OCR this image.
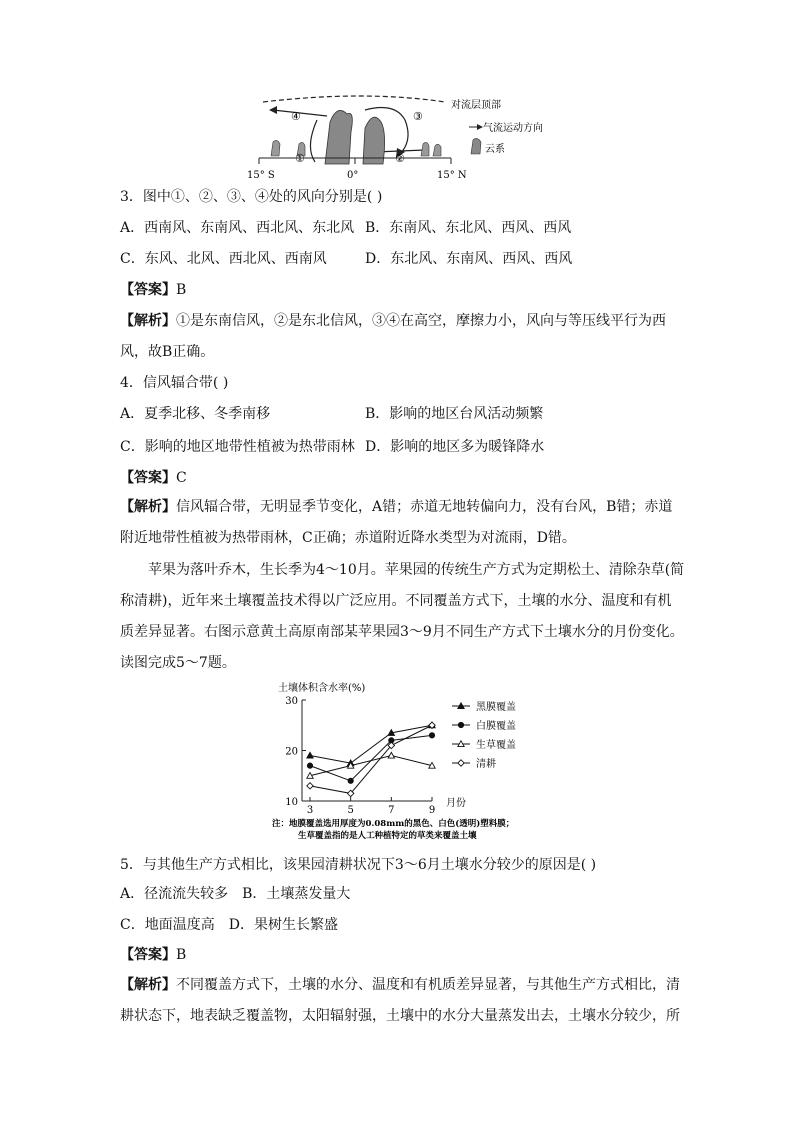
④	③
①	②
15° S	0°	15° N
对流层顶部
气流运动方向
云系
3．图中①、②、③、④处的风向分别是( )
A．西南风、东南风、西北风、东北风 B．东南风、东北风、西风、西风
C．东风、北风、西北风、西南风	D．东北风、东南风、西风、西风
【答案】B
【解析】①是东南信风，②是东北信风，③④在高空，摩擦力小，风向与等压线平行为西风，故B正确。
4．信风辐合带( )
A．夏季北移、冬季南移	B．影响的地区台风活动频繁
C．影响的地区地带性植被为热带雨林 D．影响的地区多为暖锋降水
【答案】C
【解析】信风辐合带，无明显季节变化，A错；赤道无地转偏向力，没有台风，B错；赤道附近地带性植被为热带雨林，C正确；赤道附近降水类型为对流雨，D错。
苹果为落叶乔木，生长季为4～10月。苹果园的传统生产方式为定期松土、清除杂草(简称清耕)，近年来土壤覆盖技术得以广泛应用。不同覆盖方式下，土壤的水分、温度和有机质差异显著。右图示意黄土高原南部某苹果园3～9月不同生产方式下土壤水分的月份变化。读图完成5～7题。
土壤体积含水率(%)
10
20
30
3	5	7	9
黑膜覆盖
白膜覆盖
生草覆盖
清耕
月份
注：地膜覆盖选用厚度为0.08mm的黑色、白色(透明)塑料膜；
生草覆盖指的是人工种植特定的草类来覆盖土壤
5．与其他生产方式相比，该果园清耕状况下3～6月土壤水分较少的原因是( )
A．径流流失较多 B．土壤蒸发量大
C．地面温度高 D．果树生长繁盛
【答案】B
【解析】不同覆盖方式下，土壤的水分、温度和有机质差异显著，与其他生产方式相比，清耕状态下，地表缺乏覆盖物，太阳辐射强，土壤中的水分大量蒸发出去，土壤水分较少，所
